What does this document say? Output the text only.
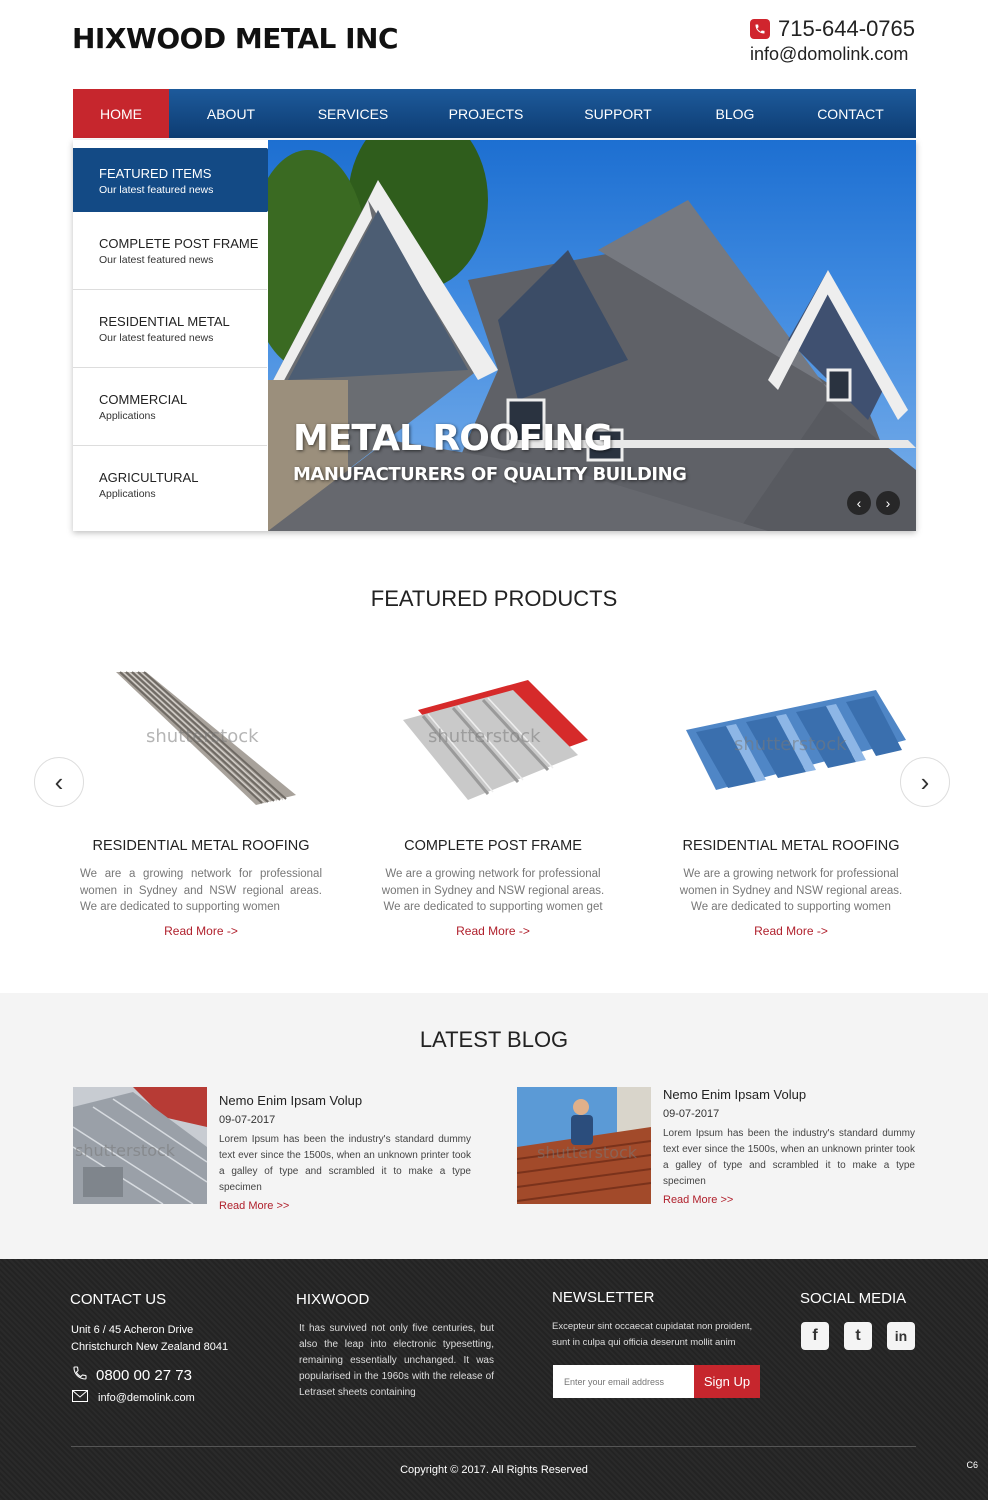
HIXWOOD METAL INC	715-644-0765
info@domolink.com
HOME	ABOUT	SERVICES	PROJECTS	SUPPORT	BLOG	CONTACT
FEATURED ITEMS
Our latest featured news
COMPLETE POST FRAME
Our latest featured news
RESIDENTIAL METAL
Our latest featured news
COMMERCIAL
Applications
AGRICULTURAL
Applications
METAL ROOFING
MANUFACTURERS OF QUALITY BUILDING
‹ ›
FEATURED PRODUCTS
‹	›
shutterstock
RESIDENTIAL METAL ROOFING
We are a growing network for professional women in Sydney and NSW regional areas. We are dedicated to supporting women
Read More ->
shutterstock
COMPLETE POST FRAME
We are a growing network for professional women in Sydney and NSW regional areas. We are dedicated to supporting women get
Read More ->
shutterstock
RESIDENTIAL METAL ROOFING
We are a growing network for professional women in Sydney and NSW regional areas. We are dedicated to supporting women
Read More ->
LATEST BLOG
shutterstock
Nemo Enim Ipsam Volup
09-07-2017
Lorem Ipsum has been the industry's standard dummy text ever since the 1500s, when an unknown printer took a galley of type and scrambled it to make a type specimen
Read More >>
shutterstock
Nemo Enim Ipsam Volup
09-07-2017
Lorem Ipsum has been the industry's standard dummy text ever since the 1500s, when an unknown printer took a galley of type and scrambled it to make a type specimen
Read More >>
CONTACT US
Unit 6 / 45 Acheron Drive
Christchurch New Zealand 8041
0800 00 27 73
info@demolink.com
HIXWOOD
It has survived not only five centuries, but also the leap into electronic typesetting, remaining essentially unchanged. It was popularised in the 1960s with the release of Letraset sheets containing
NEWSLETTER
Excepteur sint occaecat cupidatat non proident, sunt in culpa qui officia deserunt mollit anim
Enter your email address
Sign Up
SOCIAL MEDIA
f	t	in
Copyright © 2017. All Rights Reserved	C6
